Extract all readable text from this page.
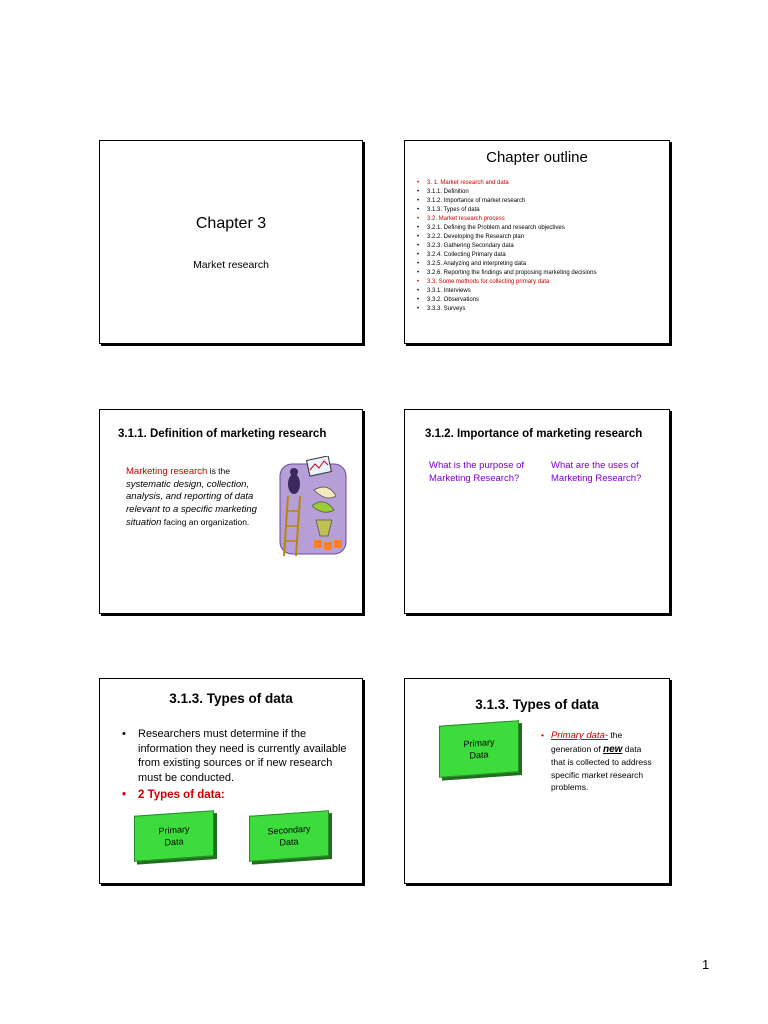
Chapter 3
Market research
Chapter outline
• 3. 1. Market research and data
• 3.1.1. Definition
• 3.1.2. Importance of market research
• 3.1.3. Types of data
• 3.2. Market research process
• 3.2.1. Defining the Problem and research objectives
• 3.2.2. Developing the Research plan
• 3.2.3. Gathering Secondary data
• 3.2.4. Collecting Primary data
• 3.2.5. Analyzing and interpreting data
• 3.2.6. Reporting the findings and proposing marketing decisions
• 3.3. Some methods for collecting primary data
• 3.3.1. Interviews
• 3.3.2. Observations
• 3.3.3. Surveys
3.1.1. Definition of marketing research
Marketing research is the systematic design, collection, analysis, and reporting of data relevant to a specific marketing situation facing an organization.
3.1.2. Importance of marketing research
What is the purpose of Marketing Research?
What are the uses of Marketing Research?
3.1.3. Types of data
• Researchers must determine if the information they need is currently available from existing sources or if new research must be conducted.
• 2 Types of data:
Primary Data
Secondary Data
3.1.3. Types of data
Primary Data
• Primary data- the generation of new data that is collected to address specific market research problems.
1
